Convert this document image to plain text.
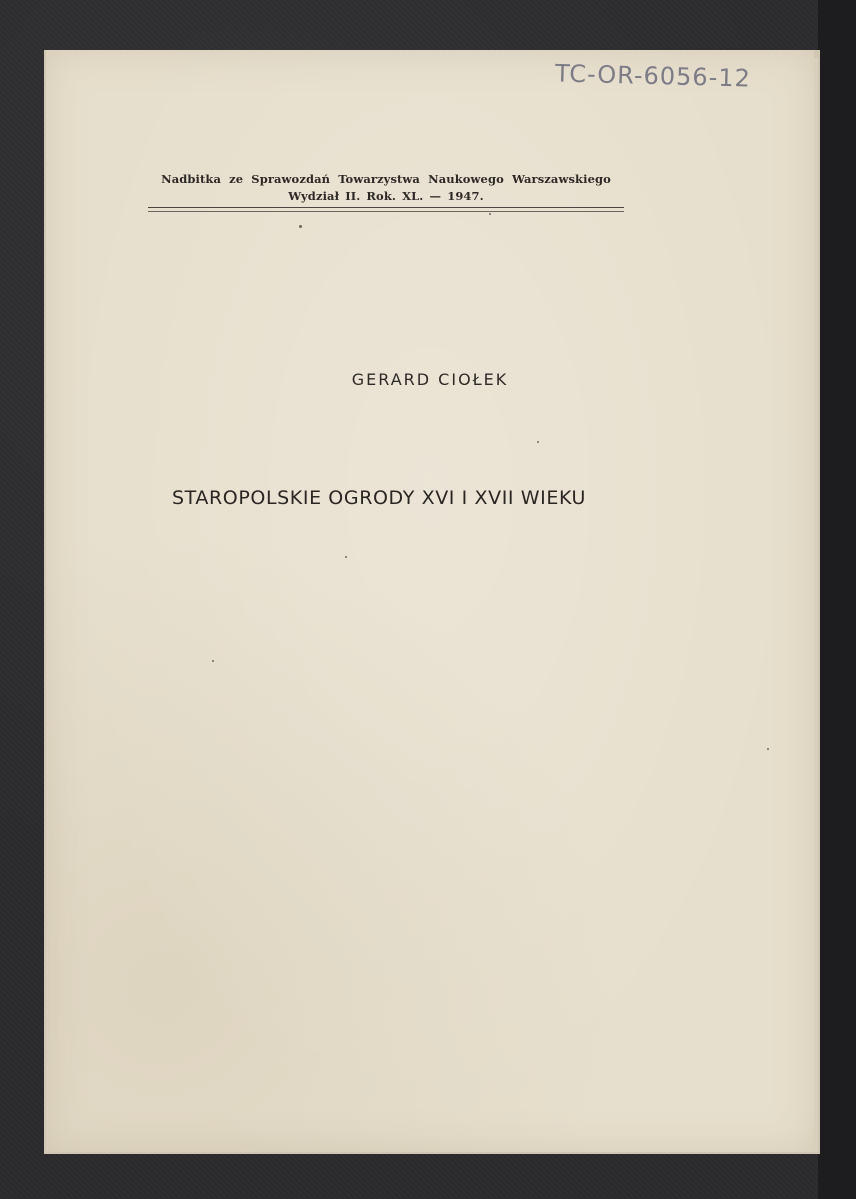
TC-OR-6056-12
Nadbitka ze Sprawozdań Towarzystwa Naukowego Warszawskiego
Wydział II. Rok. XL. — 1947.
GERARD CIOŁEK
STAROPOLSKIE OGRODY XVI I XVII WIEKU
